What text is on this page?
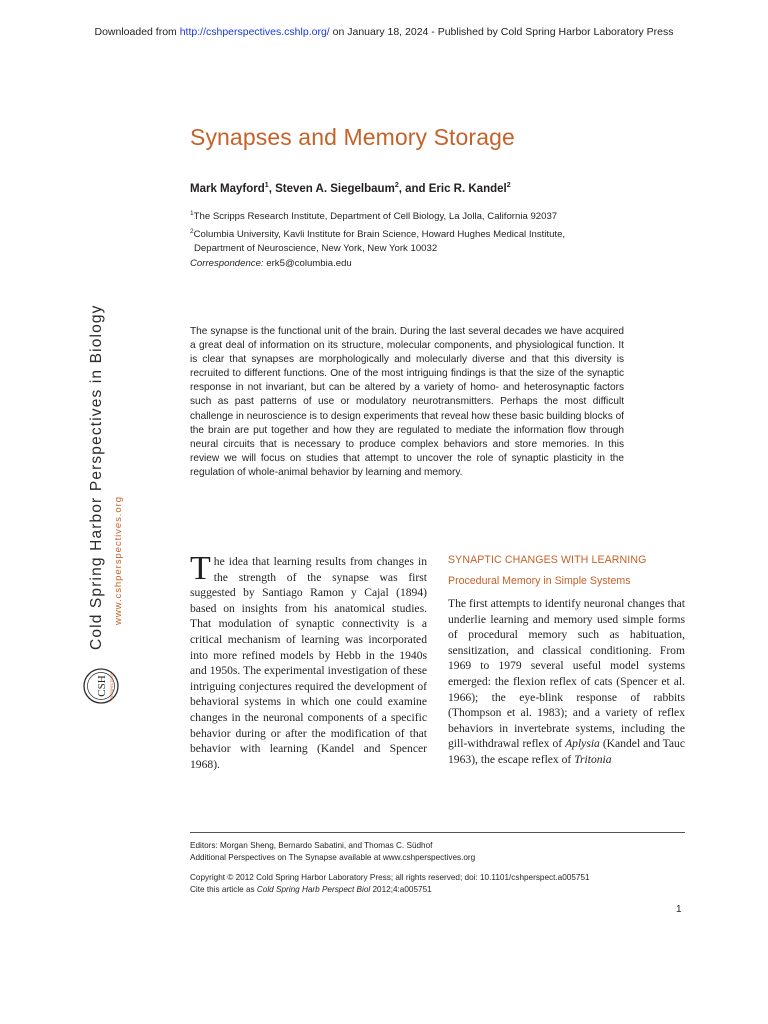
Downloaded from http://cshperspectives.cshlp.org/ on January 18, 2024 - Published by Cold Spring Harbor Laboratory Press
Cold Spring Harbor Perspectives in Biology www.cshperspectives.org
CSH PERSPECTIVES
Synapses and Memory Storage
Mark Mayford$^1$, Steven A. Siegelbaum$^2$, and Eric R. Kandel$^2$
$^1$The Scripps Research Institute, Department of Cell Biology, La Jolla, California 92037
$^2$Columbia University, Kavli Institute for Brain Science, Howard Hughes Medical Institute,
Department of Neuroscience, New York, New York 10032
Correspondence: erk5@columbia.edu

The synapse is the functional unit of the brain. During the last several decades we have acquired a great deal of information on its structure, molecular components, and physiological function. It is clear that synapses are morphologically and molecularly diverse and that this diversity is recruited to different functions. One of the most intriguing findings is that the size of the synaptic response in not invariant, but can be altered by a variety of homo- and heterosynaptic factors such as past patterns of use or modulatory neurotransmitters. Perhaps the most difficult challenge in neuroscience is to design experiments that reveal how these basic building blocks of the brain are put together and how they are regulated to mediate the information flow through neural circuits that is necessary to produce complex behaviors and store memories. In this review we will focus on studies that attempt to uncover the role of synaptic plasticity in the regulation of whole-animal behavior by learning and memory.

The idea that learning results from changes in the strength of the synapse was first suggested by Santiago Ramon y Cajal (1894) based on insights from his anatomical studies. That modulation of synaptic connectivity is a critical mechanism of learning was incorporated into more refined models by Hebb in the 1940s and 1950s. The experimental investigation of these intriguing conjectures required the development of behavioral systems in which one could examine changes in the neuronal components of a specific behavior during or after the modification of that behavior with learning (Kandel and Spencer 1968).

SYNAPTIC CHANGES WITH LEARNING
Procedural Memory in Simple Systems

The first attempts to identify neuronal changes that underlie learning and memory used simple forms of procedural memory such as habituation, sensitization, and classical conditioning. From 1969 to 1979 several useful model systems emerged: the flexion reflex of cats (Spencer et al. 1966); the eye-blink response of rabbits (Thompson et al. 1983); and a variety of reflex behaviors in invertebrate systems, including the gill-withdrawal reflex of Aplysia (Kandel and Tauc 1963), the escape reflex of Tritonia

Editors: Morgan Sheng, Bernardo Sabatini, and Thomas C. Südhof
Additional Perspectives on The Synapse available at www.cshperspectives.org
Copyright © 2012 Cold Spring Harbor Laboratory Press; all rights reserved; doi: 10.1101/cshperspect.a005751
Cite this article as Cold Spring Harb Perspect Biol 2012;4:a005751
1
